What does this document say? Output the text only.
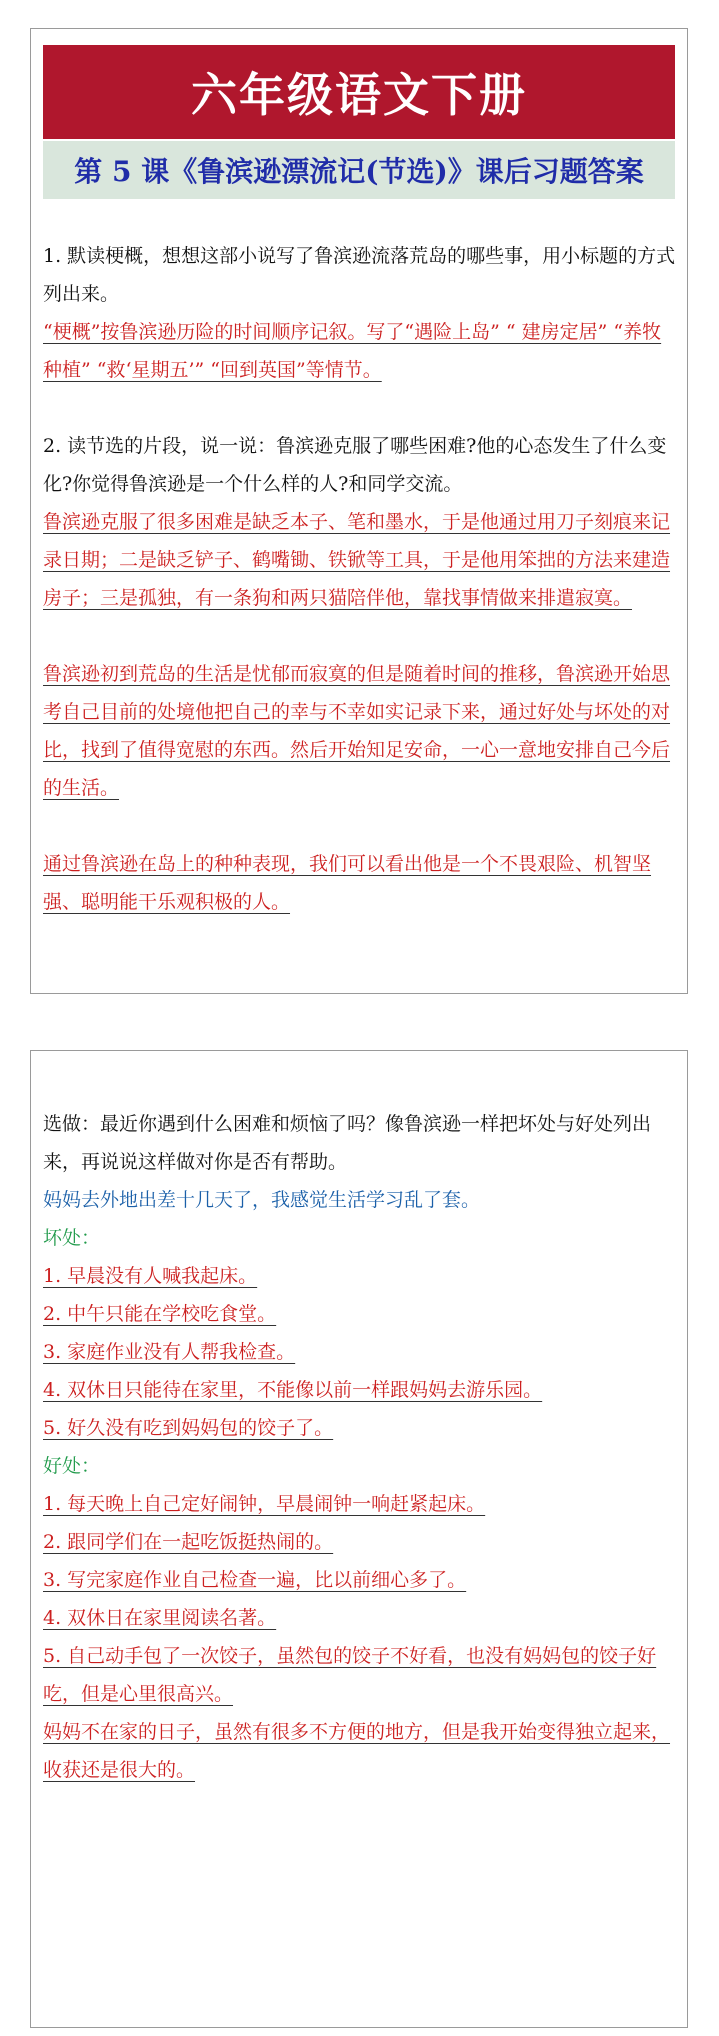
六年级语文下册
第 5 课《鲁滨逊漂流记(节选)》课后习题答案

1. 默读梗概，想想这部小说写了鲁滨逊流落荒岛的哪些事，用小标题的方式列出来。

“梗概”按鲁滨逊历险的时间顺序记叙。写了“遇险上岛” “ 建房定居” “养牧种植” “救‘星期五’” “回到英国”等情节。

2. 读节选的片段，说一说：鲁滨逊克服了哪些困难?他的心态发生了什么变化?你觉得鲁滨逊是一个什么样的人?和同学交流。

鲁滨逊克服了很多困难是缺乏本子、笔和墨水，于是他通过用刀子刻痕来记录日期；二是缺乏铲子、鹤嘴锄、铁锨等工具，于是他用笨拙的方法来建造房子；三是孤独，有一条狗和两只猫陪伴他，靠找事情做来排遣寂寞。

鲁滨逊初到荒岛的生活是忧郁而寂寞的但是随着时间的推移，鲁滨逊开始思考自己目前的处境他把自己的幸与不幸如实记录下来，通过好处与坏处的对比，找到了值得宽慰的东西。然后开始知足安命，一心一意地安排自己今后的生活。

通过鲁滨逊在岛上的种种表现，我们可以看出他是一个不畏艰险、机智坚强、聪明能干乐观积极的人。

选做：最近你遇到什么困难和烦恼了吗？像鲁滨逊一样把坏处与好处列出来，再说说这样做对你是否有帮助。

妈妈去外地出差十几天了，我感觉生活学习乱了套。

坏处：

1. 早晨没有人喊我起床。

2. 中午只能在学校吃食堂。

3. 家庭作业没有人帮我检查。

4. 双休日只能待在家里，不能像以前一样跟妈妈去游乐园。

5. 好久没有吃到妈妈包的饺子了。

好处：

1. 每天晚上自己定好闹钟，早晨闹钟一响赶紧起床。

2. 跟同学们在一起吃饭挺热闹的。

3. 写完家庭作业自己检查一遍，比以前细心多了。

4. 双休日在家里阅读名著。

5. 自己动手包了一次饺子，虽然包的饺子不好看，也没有妈妈包的饺子好吃，但是心里很高兴。

妈妈不在家的日子，虽然有很多不方便的地方，但是我开始变得独立起来，收获还是很大的。
